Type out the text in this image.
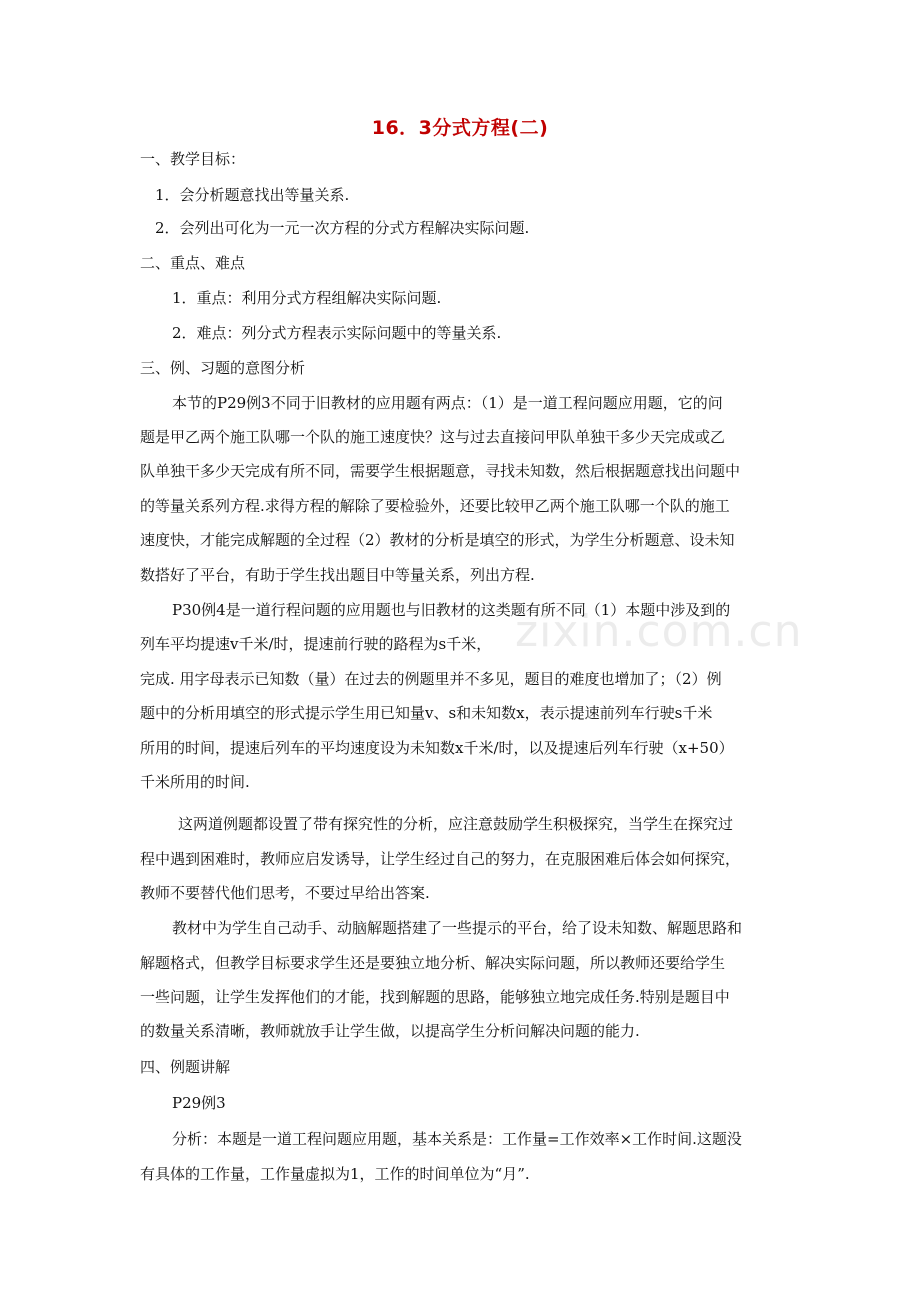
zixin.com.cn
16．3分式方程(二)
一、教学目标：
1．会分析题意找出等量关系.
2．会列出可化为一元一次方程的分式方程解决实际问题.
二、重点、难点
1．重点：利用分式方程组解决实际问题.
2．难点：列分式方程表示实际问题中的等量关系.
三、例、习题的意图分析
本节的P29例3不同于旧教材的应用题有两点：（1）是一道工程问题应用题，它的问
题是甲乙两个施工队哪一个队的施工速度快？这与过去直接问甲队单独干多少天完成或乙
队单独干多少天完成有所不同，需要学生根据题意，寻找未知数，然后根据题意找出问题中
的等量关系列方程.求得方程的解除了要检验外，还要比较甲乙两个施工队哪一个队的施工
速度快，才能完成解题的全过程（2）教材的分析是填空的形式，为学生分析题意、设未知
数搭好了平台，有助于学生找出题目中等量关系，列出方程.
P30例4是一道行程问题的应用题也与旧教材的这类题有所不同（1）本题中涉及到的
列车平均提速v千米/时，提速前行驶的路程为s千米，
完成. 用字母表示已知数（量）在过去的例题里并不多见，题目的难度也增加了；（2）例
题中的分析用填空的形式提示学生用已知量v、s和未知数x，表示提速前列车行驶s千米
所用的时间，提速后列车的平均速度设为未知数x千米/时，以及提速后列车行驶（x+50）
千米所用的时间.
这两道例题都设置了带有探究性的分析，应注意鼓励学生积极探究，当学生在探究过
程中遇到困难时，教师应启发诱导，让学生经过自己的努力，在克服困难后体会如何探究，
教师不要替代他们思考，不要过早给出答案.
教材中为学生自己动手、动脑解题搭建了一些提示的平台，给了设未知数、解题思路和
解题格式，但教学目标要求学生还是要独立地分析、解决实际问题，所以教师还要给学生
一些问题，让学生发挥他们的才能，找到解题的思路，能够独立地完成任务.特别是题目中
的数量关系清晰，教师就放手让学生做，以提高学生分析问解决问题的能力.
四、例题讲解
P29例3
分析：本题是一道工程问题应用题，基本关系是：工作量=工作效率×工作时间.这题没
有具体的工作量，工作量虚拟为1，工作的时间单位为“月”.
